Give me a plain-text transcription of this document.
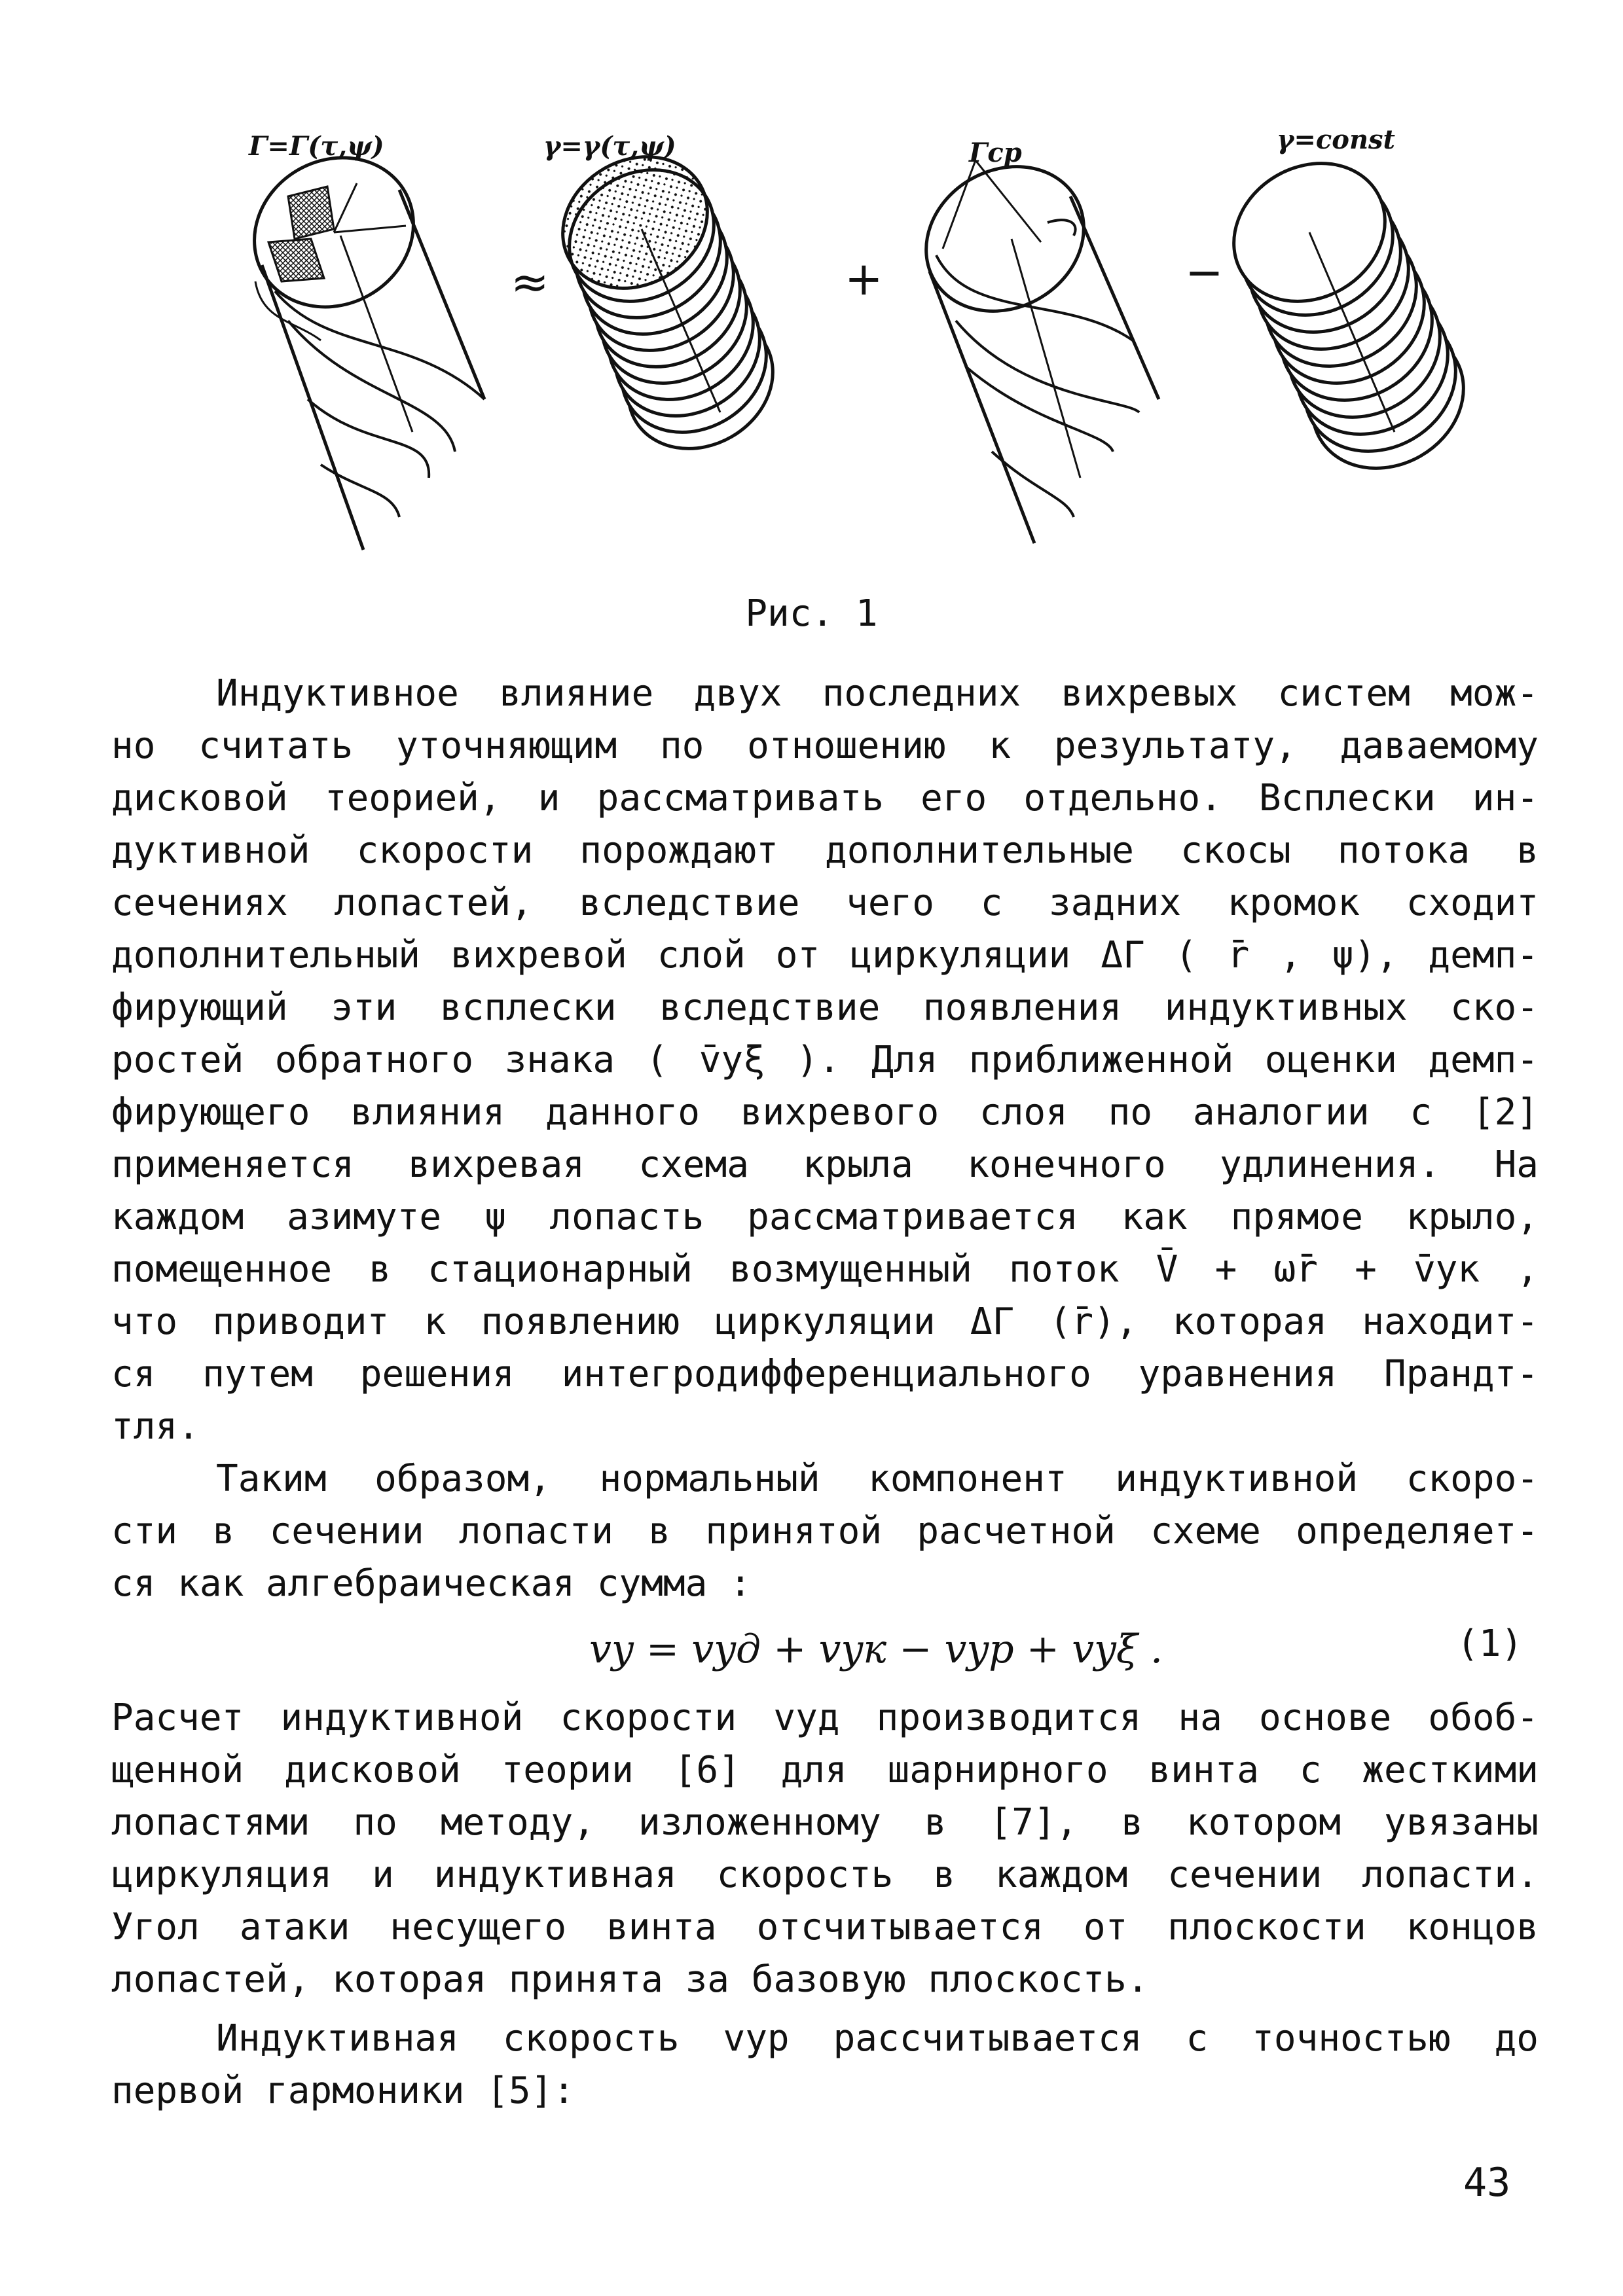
≈	+	−
Γ=Γ(τ,ψ)	γ=γ(τ,ψ)	Γcp	γ=const
Рис. 1
Индуктивное влияние двух последних вихревых систем мож-
но считать уточняющим по отношению к результату, даваемому
дисковой теорией, и рассматривать его отдельно. Всплески ин-
дуктивной скорости порождают дополнительные скосы потока в
сечениях лопастей, вследствие чего с задних кромок сходит
дополнительный вихревой слой от циркуляции ΔΓ ( r̄ , ψ), демп-
фирующий эти всплески вследствие появления индуктивных ско-
ростей обратного знака ( v̄yξ ). Для приближенной оценки демп-
фирующего влияния данного вихревого слоя по аналогии с [2]
применяется вихревая схема крыла конечного удлинения. На
каждом азимуте ψ лопасть рассматривается как прямое крыло,
помещенное в стационарный возмущенный поток V̄ + ω̄r̄ + v̄yк ,
что приводит к появлению циркуляции ΔΓ (r̄), которая находит-
ся путем решения интегродифференциального уравнения Прандт-
тля.
Таким образом, нормальный компонент индуктивной скоро-
сти в сечении лопасти в принятой расчетной схеме определяет-
ся как алгебраическая сумма :
vy = vyд + vyк − vyр + vyξ .	(1)
Расчет индуктивной скорости vyд производится на основе обоб-
щенной дисковой теории [6] для шарнирного винта с жесткими
лопастями по методу, изложенному в [7], в котором увязаны
циркуляция и индуктивная скорость в каждом сечении лопасти.
Угол атаки несущего винта отсчитывается от плоскости концов
лопастей, которая принята за базовую плоскость.
Индуктивная скорость vyр рассчитывается с точностью до
первой гармоники [5]:
43
